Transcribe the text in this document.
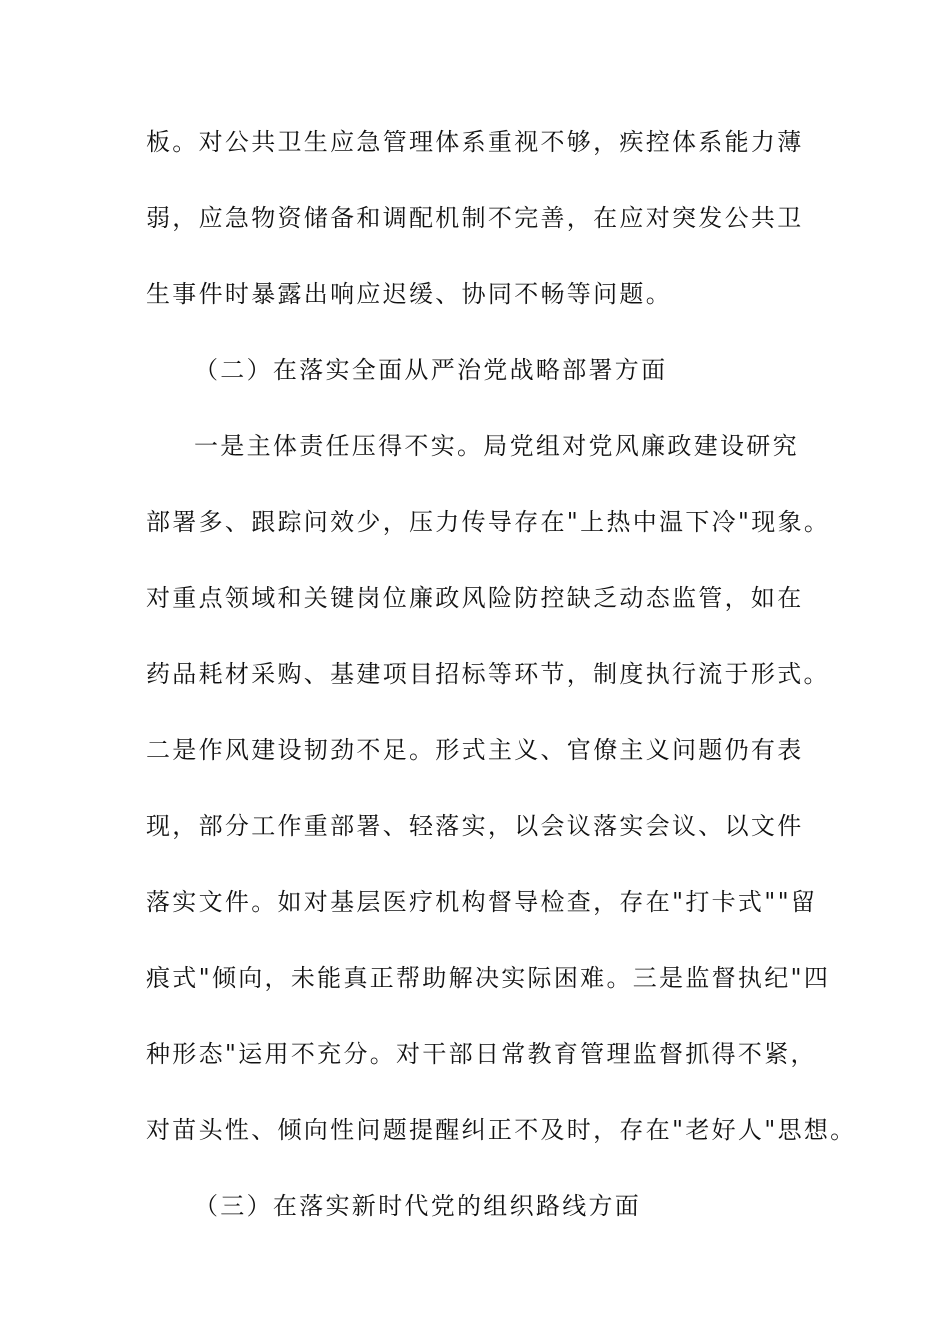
板。对公共卫生应急管理体系重视不够，疾控体系能力薄
弱，应急物资储备和调配机制不完善，在应对突发公共卫
生事件时暴露出响应迟缓、协同不畅等问题。
（二）在落实全面从严治党战略部署方面
一是主体责任压得不实。局党组对党风廉政建设研究
部署多、跟踪问效少，压力传导存在"上热中温下冷"现象。
对重点领域和关键岗位廉政风险防控缺乏动态监管，如在
药品耗材采购、基建项目招标等环节，制度执行流于形式。
二是作风建设韧劲不足。形式主义、官僚主义问题仍有表
现，部分工作重部署、轻落实，以会议落实会议、以文件
落实文件。如对基层医疗机构督导检查，存在"打卡式""留
痕式"倾向，未能真正帮助解决实际困难。三是监督执纪"四
种形态"运用不充分。对干部日常教育管理监督抓得不紧，
对苗头性、倾向性问题提醒纠正不及时，存在"老好人"思想。
（三）在落实新时代党的组织路线方面
